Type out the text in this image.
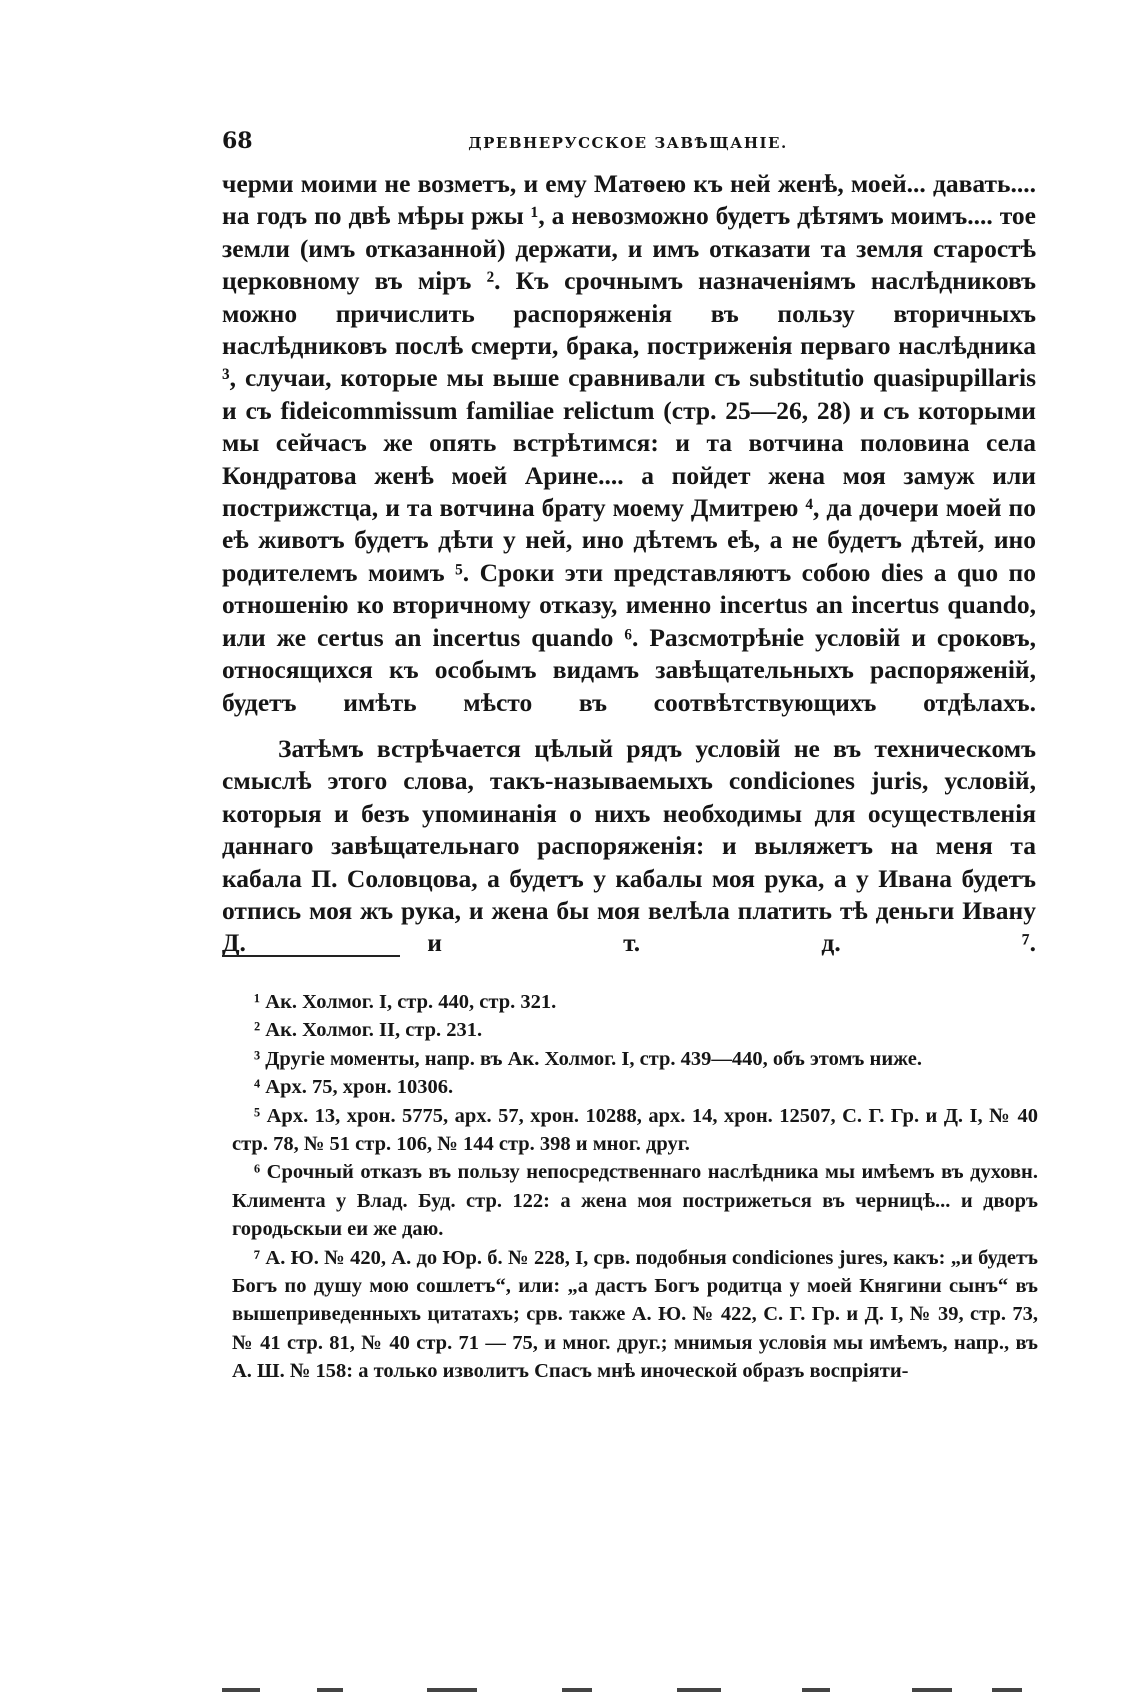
68	ДРЕВНЕРУССКОЕ ЗАВѢЩАНІЕ.

черми моими не возметъ, и ему Матѳею къ ней женѣ, моей... давать.... на годъ по двѣ мѣры ржы ¹, а невозможно будетъ дѣтямъ моимъ.... тое земли (имъ отказанной) держати, и имъ отказати та земля старостѣ церковному въ міръ ². Къ срочнымъ назначеніямъ наслѣдниковъ можно причислить распоряженія въ пользу вторичныхъ наслѣдниковъ послѣ смерти, брака, постриженія перваго наслѣдника ³, случаи, которые мы выше сравнивали съ substitutio quasipupillaris и съ fideicommissum familiae relictum (стр. 25—26, 28) и съ которыми мы сейчасъ же опять встрѣтимся: и та вотчина половина села Кондратова женѣ моей Арине.... а пойдет жена моя замуж или постриж​стца, и та вотчина брату моему Дмитрею ⁴, да дочери моей по еѣ животъ будетъ дѣти у ней, ино дѣтемъ еѣ, а не будетъ дѣтей, ино родителемъ моимъ ⁵. Сроки эти представляютъ собою dies a quo по отношенію ко вторичному отказу, именно incertus an incertus quando, или же certus an incertus quando ⁶. Разсмотрѣніе условій и сроковъ, относящихся къ особымъ видамъ завѣщательныхъ распоряженій, будетъ имѣть мѣсто въ соотвѣтствующихъ отдѣлахъ.

Затѣмъ встрѣчается цѣлый рядъ условій не въ техническомъ смыслѣ этого слова, такъ-называемыхъ condiciones juris, условій, которыя и безъ упоминанія о нихъ необходимы для осуществленія даннаго завѣщательнаго распоряженія: и выляжетъ на меня та кабала П. Соловцова, а будетъ у кабалы моя рука, а у Ивана будетъ отпись моя жъ рука, и жена бы моя велѣла платить тѣ деньги Ивану Д. и т. д. ⁷.

¹ Ак. Холмог. I, стр. 440, стр. 321.

² Ак. Холмог. II, стр. 231.

³ Другіе моменты, напр. въ Ак. Холмог. I, стр. 439—440, объ этомъ ниже.

⁴ Арх. 75, хрон. 10306.

⁵ Арх. 13, хрон. 5775, арх. 57, хрон. 10288, арх. 14, хрон. 12507, С. Г. Гр. и Д. I, № 40 стр. 78, № 51 стр. 106, № 144 стр. 398 и мног. друг.

⁶ Срочный отказъ въ пользу непосредственнаго наслѣдника мы имѣемъ въ духовн. Климента у Влад. Буд. стр. 122: а жена моя пострижеться въ черницѣ... и дворъ городьскыи еи же даю.

⁷ А. Ю. № 420, А. до Юр. б. № 228, I, срв. подобныя condiciones jures, какъ: „и будетъ Богъ по душу мою сошлетъ“, или: „а дастъ Богъ родитца у моей Княгини сынъ“ въ вышеприведенныхъ цитатахъ; срв. также А. Ю. № 422, С. Г. Гр. и Д. I, № 39, стр. 73, № 41 стр. 81, № 40 стр. 71 — 75, и мног. друг.; мнимыя условія мы имѣемъ, напр., въ А. Ш. № 158: а только изволитъ Спасъ мнѣ иноческой образъ воспріяти-
